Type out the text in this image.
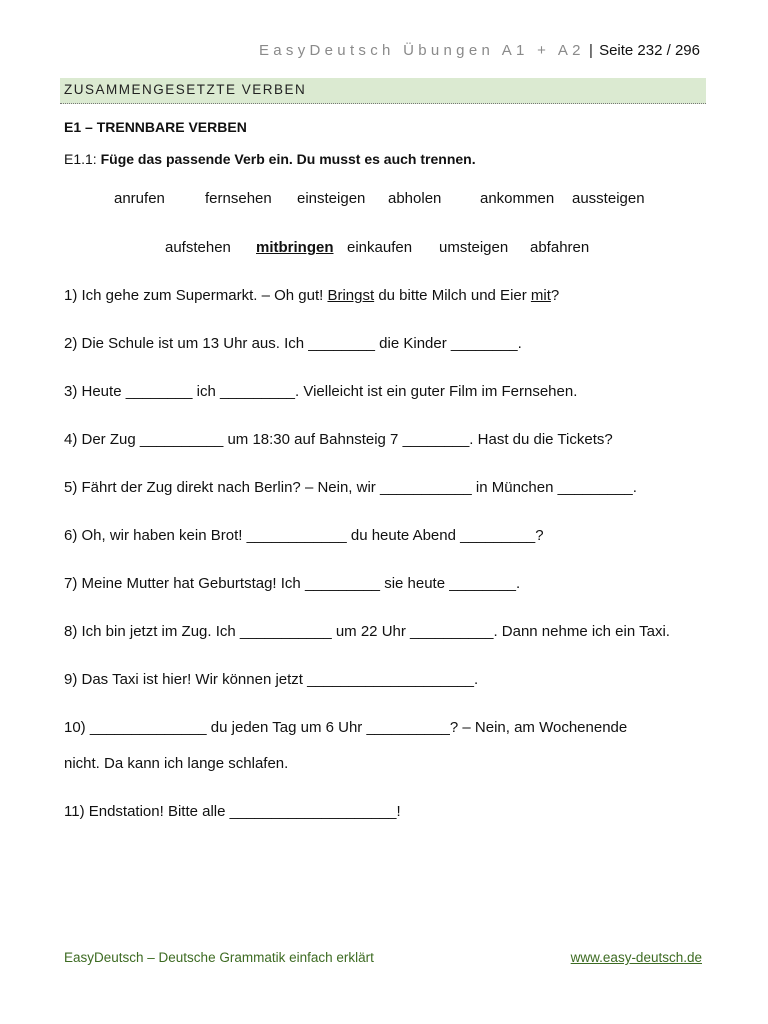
EasyDeutsch Übungen A1 + A2 | Seite 232 / 296
ZUSAMMENGESETZTE VERBEN
E1 – TRENNBARE VERBEN
E1.1: Füge das passende Verb ein. Du musst es auch trennen.
anrufen	fernsehen einsteigen abholen	ankommen aussteigen
aufstehen mitbringen einkaufen umsteigen abfahren
1) Ich gehe zum Supermarkt. – Oh gut! Bringst du bitte Milch und Eier mit?
2) Die Schule ist um 13 Uhr aus. Ich ________ die Kinder ________.
3) Heute ________ ich _________. Vielleicht ist ein guter Film im Fernsehen.
4) Der Zug __________ um 18:30 auf Bahnsteig 7 ________. Hast du die Tickets?
5) Fährt der Zug direkt nach Berlin? – Nein, wir ___________ in München _________.
6) Oh, wir haben kein Brot! ____________ du heute Abend _________?
7) Meine Mutter hat Geburtstag! Ich _________ sie heute ________.
8) Ich bin jetzt im Zug. Ich ___________ um 22 Uhr __________. Dann nehme ich ein Taxi.
9) Das Taxi ist hier! Wir können jetzt ____________________.
10) ______________ du jeden Tag um 6 Uhr __________? – Nein, am Wochenende
nicht. Da kann ich lange schlafen.
11) Endstation! Bitte alle ____________________!
EasyDeutsch – Deutsche Grammatik einfach erklärt	www.easy-deutsch.de
